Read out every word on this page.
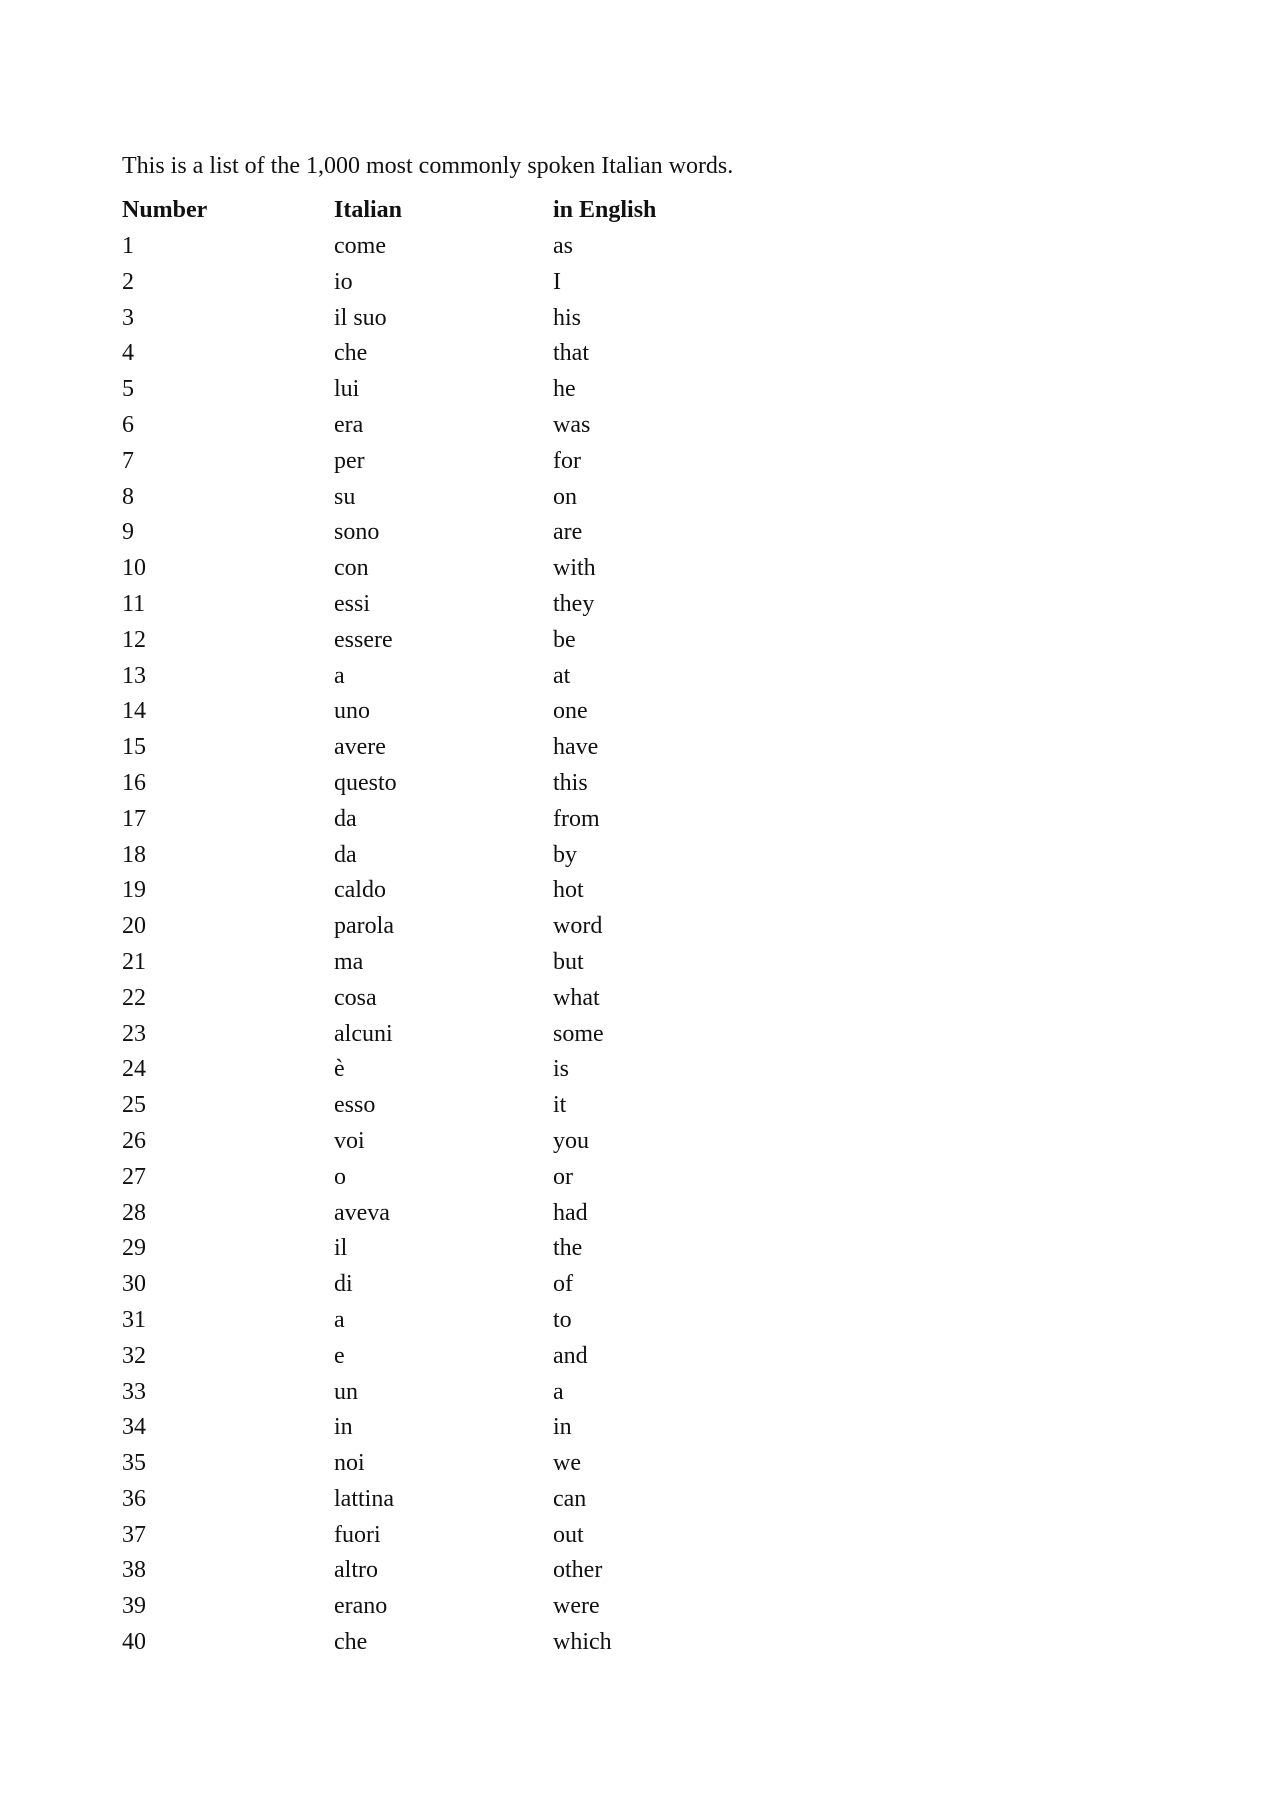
This is a list of the 1,000 most commonly spoken Italian words.

Number	Italian	in English
1	come	as
2	io	I
3	il suo	his
4	che	that
5	lui	he
6	era	was
7	per	for
8	su	on
9	sono	are
10	con	with
11	essi	they
12	essere	be
13	a	at
14	uno	one
15	avere	have
16	questo	this
17	da	from
18	da	by
19	caldo	hot
20	parola	word
21	ma	but
22	cosa	what
23	alcuni	some
24	è	is
25	esso	it
26	voi	you
27	o	or
28	aveva	had
29	il	the
30	di	of
31	a	to
32	e	and
33	un	a
34	in	in
35	noi	we
36	lattina	can
37	fuori	out
38	altro	other
39	erano	were
40	che	which
